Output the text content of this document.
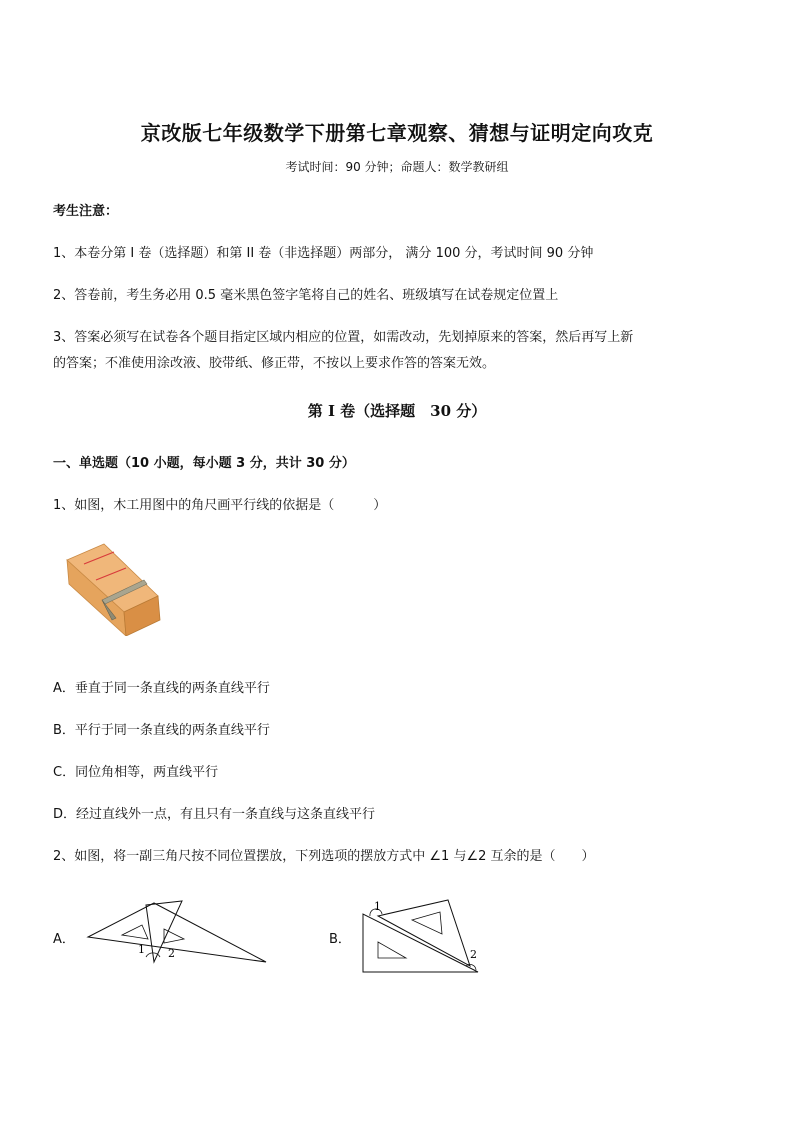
京改版七年级数学下册第七章观察、猜想与证明定向攻克
考试时间：90 分钟；命题人：数学教研组
考生注意：
1、本卷分第 I 卷（选择题）和第 II 卷（非选择题）两部分， 满分 100 分，考试时间 90 分钟
2、答卷前，考生务必用 0.5 毫米黑色签字笔将自己的姓名、班级填写在试卷规定位置上
3、答案必须写在试卷各个题目指定区域内相应的位置，如需改动，先划掉原来的答案，然后再写上新
的答案；不准使用涂改液、胶带纸、修正带，不按以上要求作答的答案无效。
第 I 卷（选择题　30 分）
一、单选题（10 小题，每小题 3 分，共计 30 分）
1、如图，木工用图中的角尺画平行线的依据是（　　　）
A．垂直于同一条直线的两条直线平行
B．平行于同一条直线的两条直线平行
C．同位角相等，两直线平行
D．经过直线外一点，有且只有一条直线与这条直线平行
2、如图，将一副三角尺按不同位置摆放，下列选项的摆放方式中 ∠1 与∠2 互余的是（　　）
A．
1 2
B．
1
2
